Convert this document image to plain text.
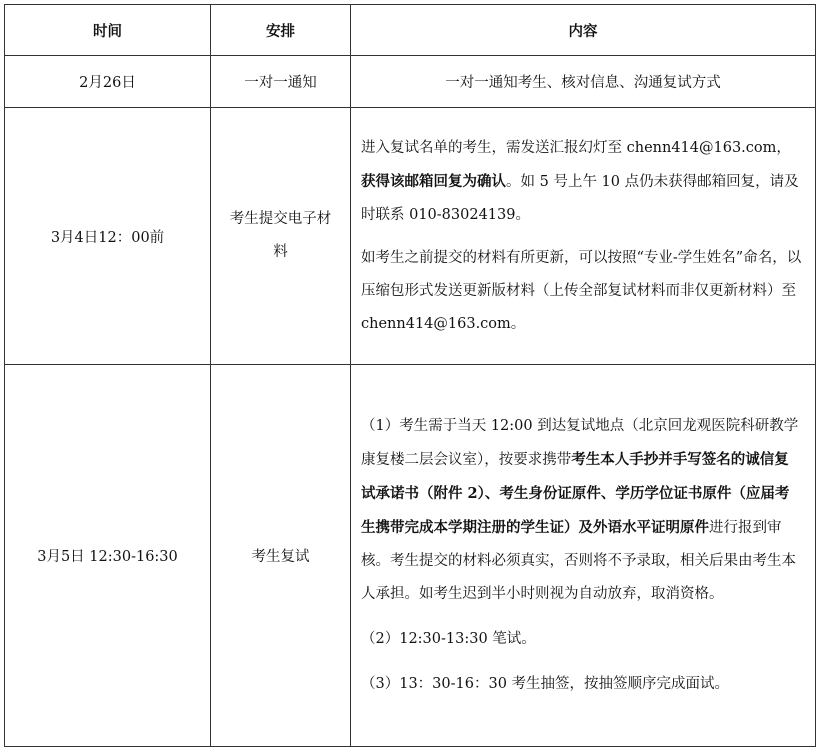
时间	安排	内容
2月26日	一对一通知	一对一通知考生、核对信息、沟通复试方式
3月4日12：00前	考生提交电子材料	进入复试名单的考生，需发送汇报幻灯至 chenn414@163.com，获得该邮箱回复为确认。如 5 号上午 10 点仍未获得邮箱回复，请及时联系 010-83024139。

如考生之前提交的材料有所更新，可以按照“专业-学生姓名”命名，以压缩包形式发送更新版材料（上传全部复试材料而非仅更新材料）至 chenn414@163.com。

3月5日 12:30-16:30	考生复试	（1）考生需于当天 12:00 到达复试地点（北京回龙观医院科研教学康复楼二层会议室），按要求携带考生本人手抄并手写签名的诚信复试承诺书（附件 2）、考生身份证原件、学历学位证书原件（应届考生携带完成本学期注册的学生证）及外语水平证明原件进行报到审核。考生提交的材料必须真实，否则将不予录取，相关后果由考生本人承担。如考生迟到半小时则视为自动放弃，取消资格。

（2）12:30-13:30 笔试。

（3）13：30-16：30 考生抽签，按抽签顺序完成面试。
